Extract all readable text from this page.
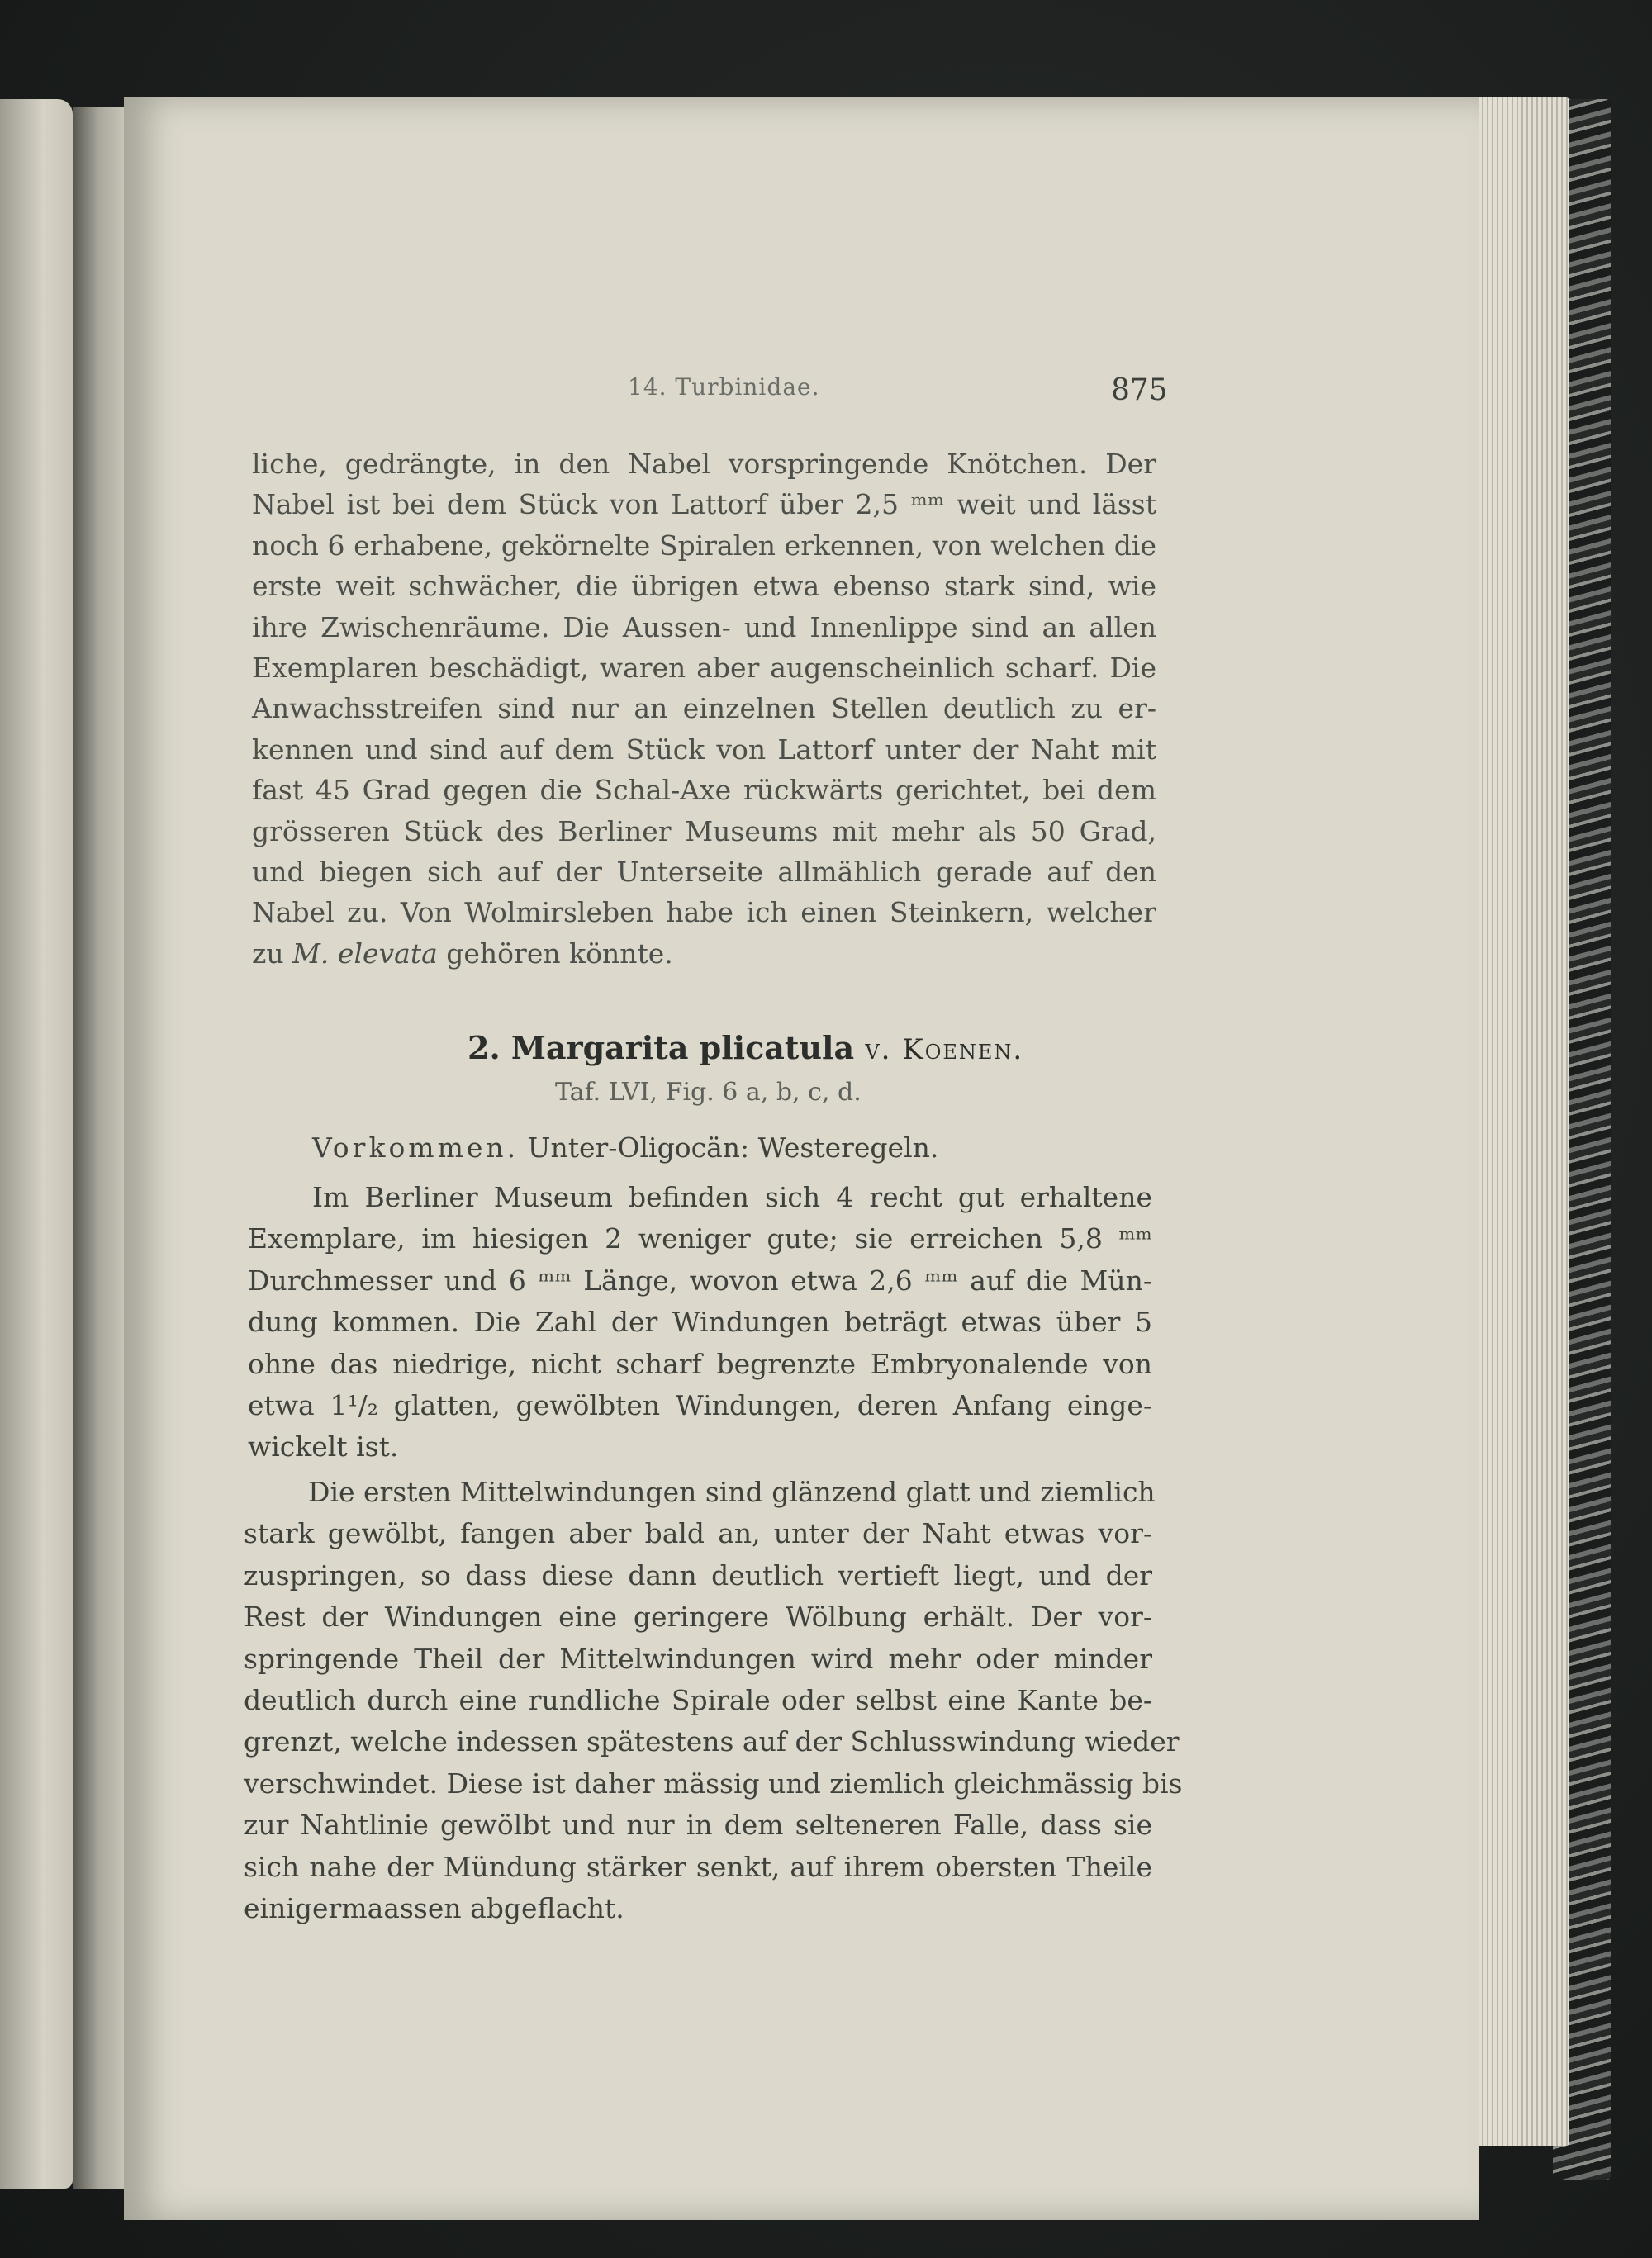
14. Turbinidae.	875
liche, gedrängte, in den Nabel vorspringende Knötchen. Der
Nabel ist bei dem Stück von Lattorf über 2,5 ᵐᵐ weit und lässt
noch 6 erhabene, gekörnelte Spiralen erkennen, von welchen die
erste weit schwächer, die übrigen etwa ebenso stark sind, wie
ihre Zwischenräume. Die Aussen- und Innenlippe sind an allen
Exemplaren beschädigt, waren aber augenscheinlich scharf. Die
Anwachsstreifen sind nur an einzelnen Stellen deutlich zu er-
kennen und sind auf dem Stück von Lattorf unter der Naht mit
fast 45 Grad gegen die Schal-Axe rückwärts gerichtet, bei dem
grösseren Stück des Berliner Museums mit mehr als 50 Grad,
und biegen sich auf der Unterseite allmählich gerade auf den
Nabel zu. Von Wolmirsleben habe ich einen Steinkern, welcher
zu M. elevata gehören könnte.
2. Margarita plicatula v. Koenen.
Taf. LVI, Fig. 6 a, b, c, d.
Vorkommen. Unter-Oligocän: Westeregeln.
Im Berliner Museum befinden sich 4 recht gut erhaltene
Exemplare, im hiesigen 2 weniger gute; sie erreichen 5,8 ᵐᵐ
Durchmesser und 6 ᵐᵐ Länge, wovon etwa 2,6 ᵐᵐ auf die Mün-
dung kommen. Die Zahl der Windungen beträgt etwas über 5
ohne das niedrige, nicht scharf begrenzte Embryonalende von
etwa 1¹/₂ glatten, gewölbten Windungen, deren Anfang einge-
wickelt ist.
Die ersten Mittelwindungen sind glänzend glatt und ziemlich
stark gewölbt, fangen aber bald an, unter der Naht etwas vor-
zuspringen, so dass diese dann deutlich vertieft liegt, und der
Rest der Windungen eine geringere Wölbung erhält. Der vor-
springende Theil der Mittelwindungen wird mehr oder minder
deutlich durch eine rundliche Spirale oder selbst eine Kante be-
grenzt, welche indessen spätestens auf der Schlusswindung wieder
verschwindet. Diese ist daher mässig und ziemlich gleichmässig bis
zur Nahtlinie gewölbt und nur in dem selteneren Falle, dass sie
sich nahe der Mündung stärker senkt, auf ihrem obersten Theile
einigermaassen abgeflacht.
